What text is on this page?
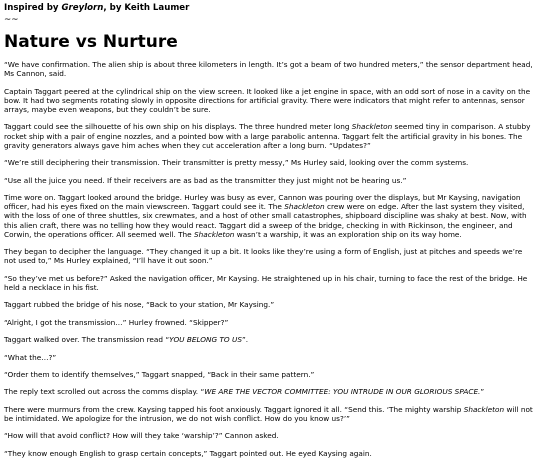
Inspired by Greylorn, by Keith Laumer

~~

Nature vs Nurture

“We have confirmation. The alien ship is about three kilometers in length. It’s got a beam of two hundred meters,” the sensor department head, Ms Cannon, said.

Captain Taggart peered at the cylindrical ship on the view screen. It looked like a jet engine in space, with an odd sort of nose in a cavity on the bow. It had two segments rotating slowly in opposite directions for artificial gravity. There were indicators that might refer to antennas, sensor arrays, maybe even weapons, but they couldn’t be sure.

Taggart could see the silhouette of his own ship on his displays. The three hundred meter long Shackleton seemed tiny in comparison. A stubby rocket ship with a pair of engine nozzles, and a pointed bow with a large parabolic antenna. Taggart felt the artificial gravity in his bones. The gravity generators always gave him aches when they cut acceleration after a long burn. “Updates?”

“We’re still deciphering their transmission. Their transmitter is pretty messy,” Ms Hurley said, looking over the comm systems.

“Use all the juice you need. If their receivers are as bad as the transmitter they just might not be hearing us.”

Time wore on. Taggart looked around the bridge. Hurley was busy as ever, Cannon was pouring over the displays, but Mr Kaysing, navigation officer, had his eyes fixed on the main viewscreen. Taggart could see it. The Shackleton crew were on edge. After the last system they visited, with the loss of one of three shuttles, six crewmates, and a host of other small catastrophes, shipboard discipline was shaky at best. Now, with this alien craft, there was no telling how they would react. Taggart did a sweep of the bridge, checking in with Rickinson, the engineer, and Corwin, the operations officer. All seemed well. The Shackleton wasn’t a warship, it was an exploration ship on its way home.

They began to decipher the language. “They changed it up a bit. It looks like they’re using a form of English, just at pitches and speeds we’re not used to,” Ms Hurley explained, “I’ll have it out soon.”

“So they’ve met us before?” Asked the navigation officer, Mr Kaysing. He straightened up in his chair, turning to face the rest of the bridge. He held a necklace in his fist.

Taggart rubbed the bridge of his nose, “Back to your station, Mr Kaysing.”

“Alright, I got the transmission…” Hurley frowned. “Skipper?”

Taggart walked over. The transmission read “YOU BELONG TO US”.

“What the…?”

“Order them to identify themselves,” Taggart snapped, “Back in their same pattern.”

The reply text scrolled out across the comms display. “WE ARE THE VECTOR COMMITTEE: YOU INTRUDE IN OUR GLORIOUS SPACE.”

There were murmurs from the crew. Kaysing tapped his foot anxiously. Taggart ignored it all. “Send this. ‘The mighty warship Shackleton will not be intimidated. We apologize for the intrusion, we do not wish conflict. How do you know us?’”

“How will that avoid conflict? How will they take ‘warship’?” Cannon asked.

“They know enough English to grasp certain concepts,” Taggart pointed out. He eyed Kaysing again.
